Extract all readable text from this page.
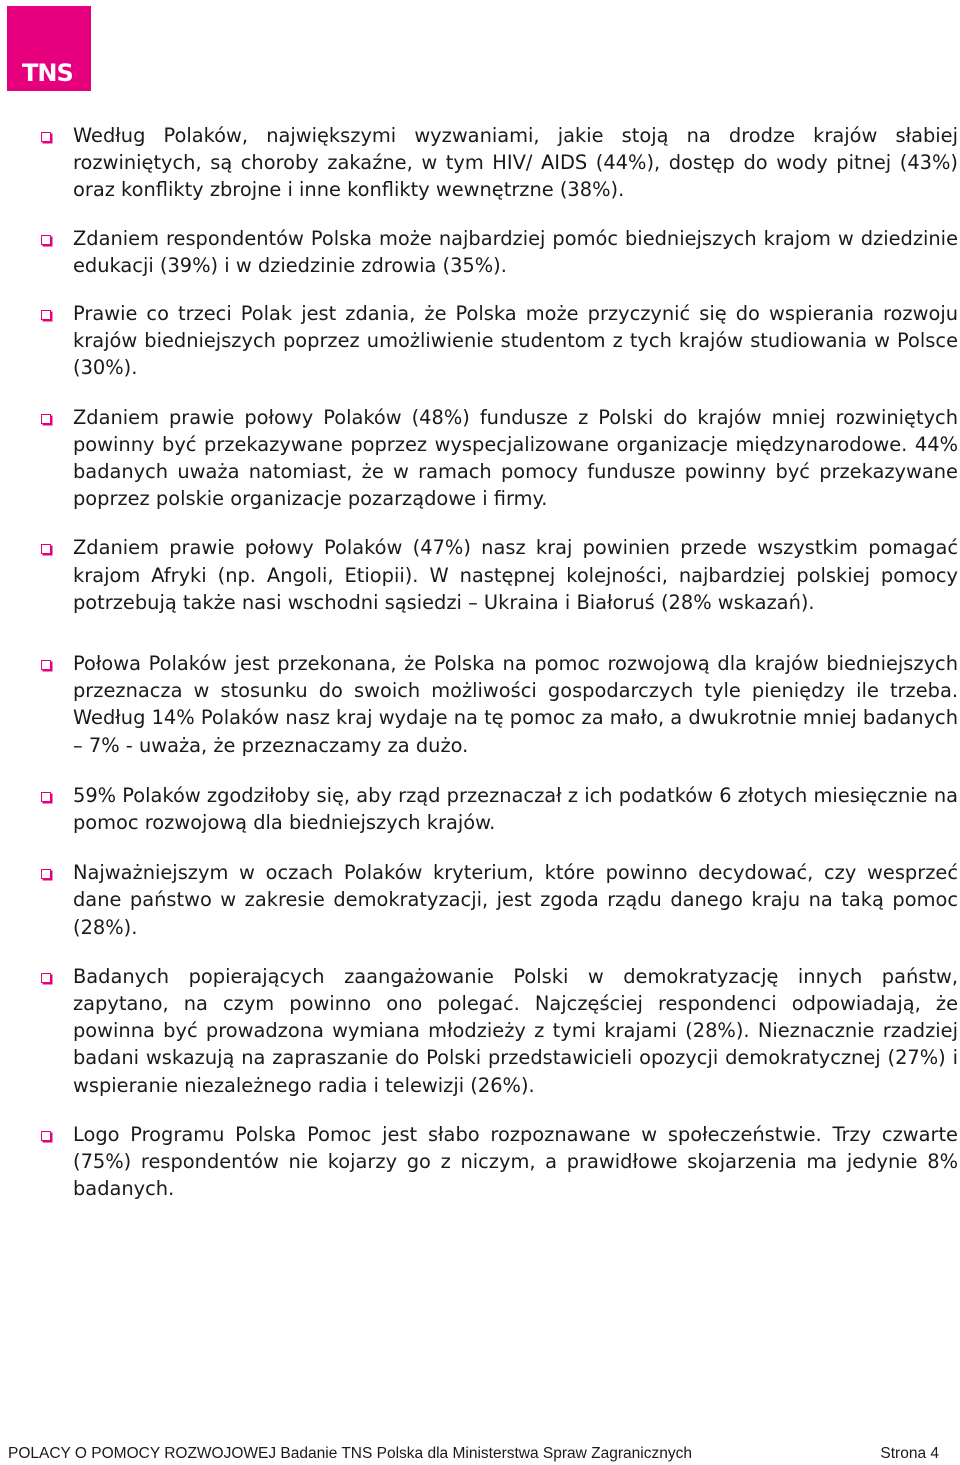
TNS
Według Polaków, największymi wyzwaniami, jakie stoją na drodze krajów słabiej rozwiniętych, są choroby zakaźne, w tym HIV/ AIDS (44%), dostęp do wody pitnej (43%) oraz konflikty zbrojne i inne konflikty wewnętrzne (38%).
Zdaniem respondentów Polska może najbardziej pomóc biedniejszych krajom w dziedzinie edukacji (39%) i w dziedzinie zdrowia (35%).
Prawie co trzeci Polak jest zdania, że Polska może przyczynić się do wspierania rozwoju krajów biedniejszych poprzez umożliwienie studentom z tych krajów studiowania w Polsce (30%).
Zdaniem prawie połowy Polaków (48%) fundusze z Polski do krajów mniej rozwiniętych powinny być przekazywane poprzez wyspecjalizowane organizacje międzynarodowe. 44% badanych uważa natomiast, że w ramach pomocy fundusze powinny być przekazywane poprzez polskie organizacje pozarządowe i firmy.
Zdaniem prawie połowy Polaków (47%) nasz kraj powinien przede wszystkim pomagać krajom Afryki (np. Angoli, Etiopii). W następnej kolejności, najbardziej polskiej pomocy potrzebują także nasi wschodni sąsiedzi – Ukraina i Białoruś (28% wskazań).
Połowa Polaków jest przekonana, że Polska na pomoc rozwojową dla krajów biedniejszych przeznacza w stosunku do swoich możliwości gospodarczych tyle pieniędzy ile trzeba. Według 14% Polaków nasz kraj wydaje na tę pomoc za mało, a dwukrotnie mniej badanych – 7% - uważa, że przeznaczamy za dużo.
59% Polaków zgodziłoby się, aby rząd przeznaczał z ich podatków 6 złotych miesięcznie na pomoc rozwojową dla biedniejszych krajów.
Najważniejszym w oczach Polaków kryterium, które powinno decydować, czy wesprzeć dane państwo w zakresie demokratyzacji, jest zgoda rządu danego kraju na taką pomoc (28%).
Badanych popierających zaangażowanie Polski w demokratyzację innych państw, zapytano, na czym powinno ono polegać. Najczęściej respondenci odpowiadają, że powinna być prowadzona wymiana młodzieży z tymi krajami (28%). Nieznacznie rzadziej badani wskazują na zapraszanie do Polski przedstawicieli opozycji demokratycznej (27%) i wspieranie niezależnego radia i telewizji (26%).
Logo Programu Polska Pomoc jest słabo rozpoznawane w społeczeństwie. Trzy czwarte (75%) respondentów nie kojarzy go z niczym, a prawidłowe skojarzenia ma jedynie 8% badanych.
POLACY O POMOCY ROZWOJOWEJ Badanie TNS Polska dla Ministerstwa Spraw Zagranicznych	Strona 4
